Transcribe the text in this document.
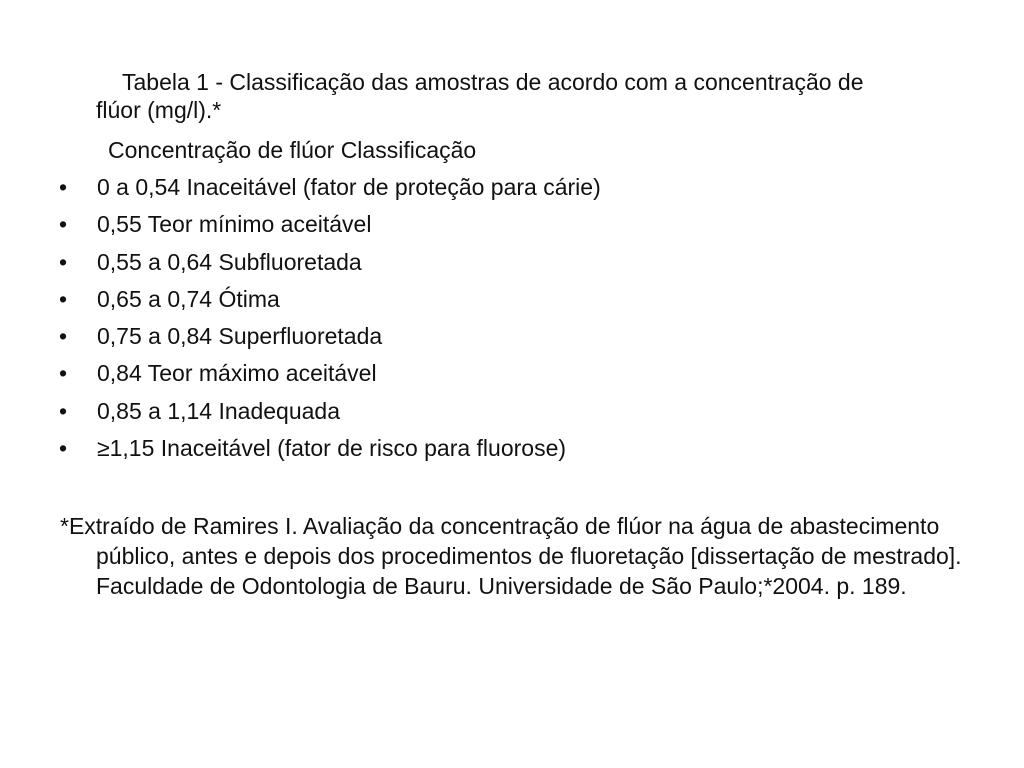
Tabela 1 - Classificação das amostras de acordo com a concentração de flúor (mg/l).*
Concentração de flúor Classificação
• 0 a 0,54 Inaceitável (fator de proteção para cárie)
• 0,55 Teor mínimo aceitável
• 0,55 a 0,64 Subfluoretada
• 0,65 a 0,74 Ótima
• 0,75 a 0,84 Superfluoretada
• 0,84 Teor máximo aceitável
• 0,85 a 1,14 Inadequada
• ≥1,15 Inaceitável (fator de risco para fluorose)
*Extraído de Ramires I. Avaliação da concentração de flúor na água de abastecimento público, antes e depois dos procedimentos de fluoretação [dissertação de mestrado]. Faculdade de Odontologia de Bauru. Universidade de São Paulo;*2004. p. 189.
